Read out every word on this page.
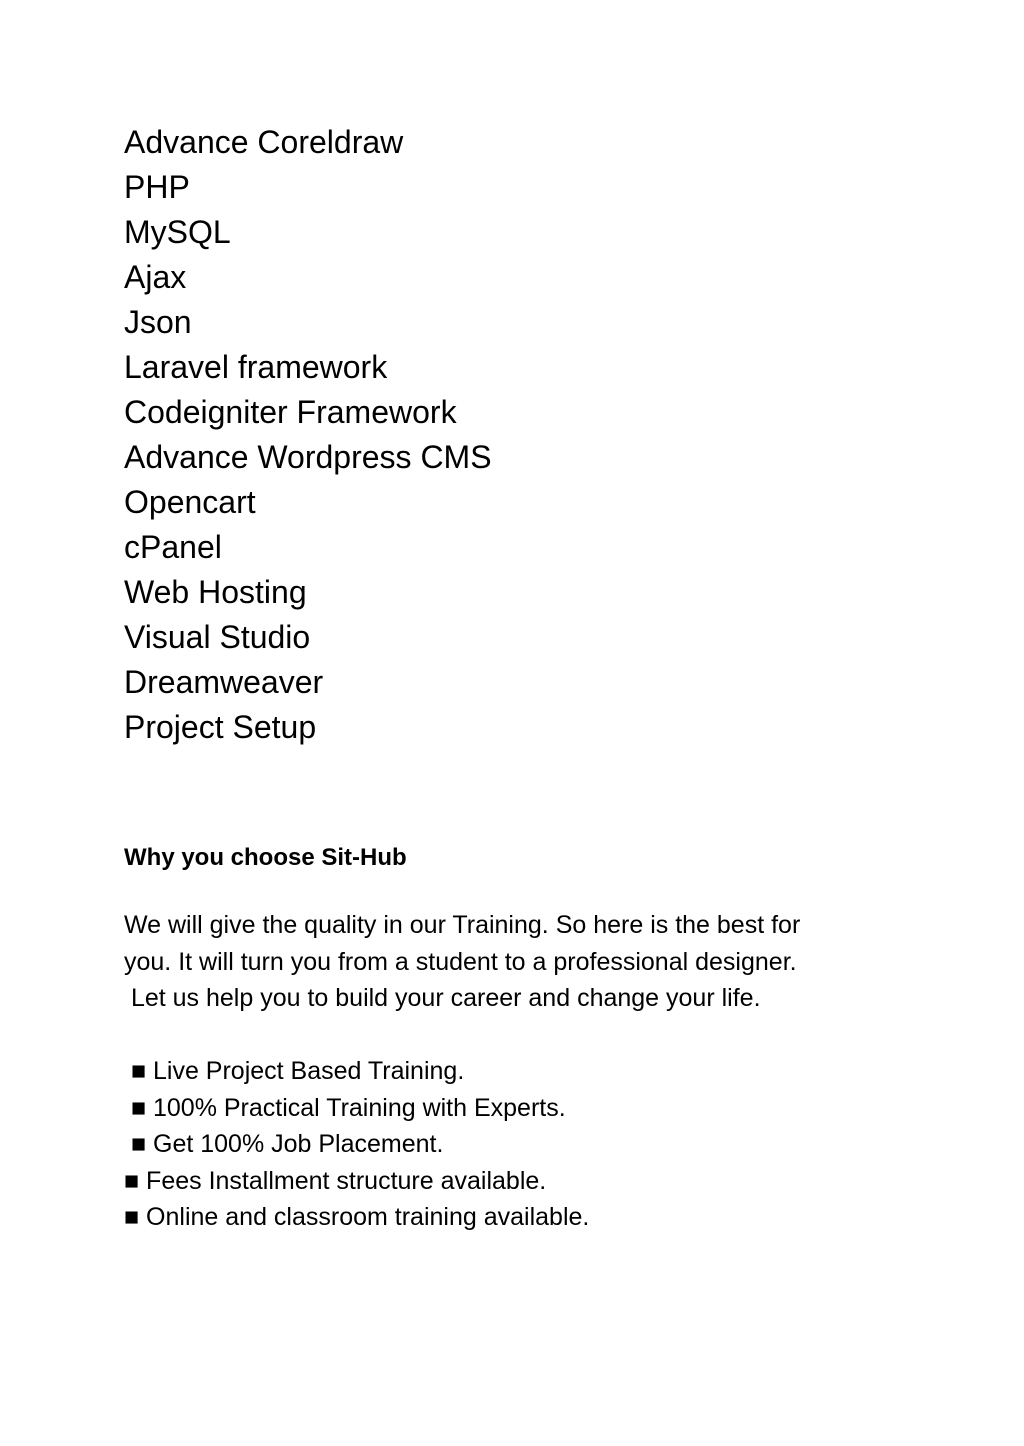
Advance Coreldraw
PHP
MySQL
Ajax
Json
Laravel framework
Codeigniter Framework
Advance Wordpress CMS
Opencart
cPanel
Web Hosting
Visual Studio
Dreamweaver
Project Setup
Why you choose Sit-Hub

We will give the quality in our Training. So here is the best for
you. It will turn you from a student to a professional designer.
Let us help you to build your career and change your life.

■ Live Project Based Training.
■ 100% Practical Training with Experts.
■ Get 100% Job Placement.
■ Fees Installment structure available.
■ Online and classroom training available.
